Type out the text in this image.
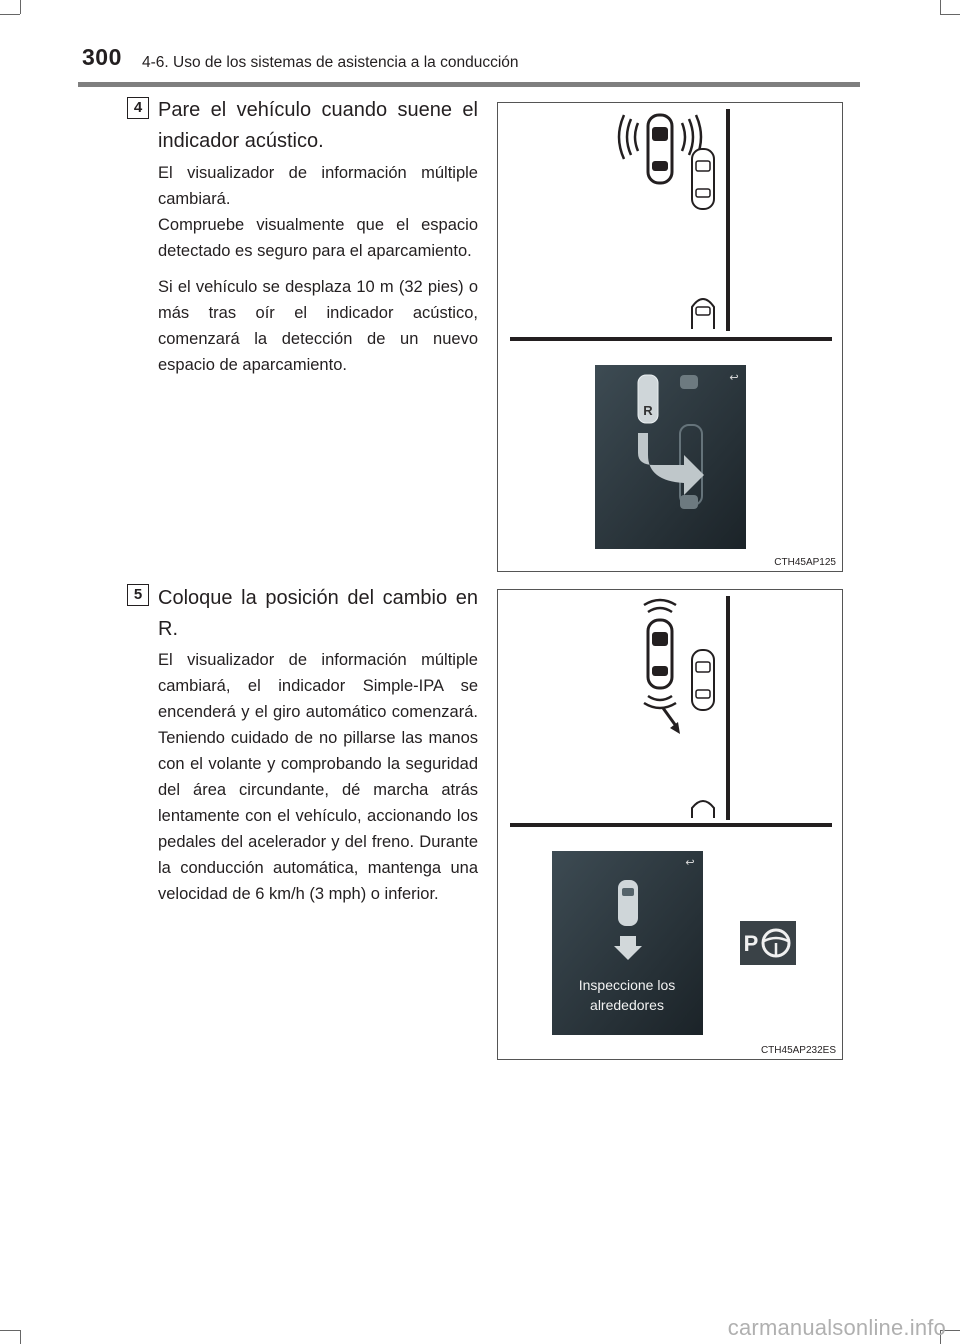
300 4-6. Uso de los sistemas de asistencia a la conducción
4 Pare el vehículo cuando suene el indicador acústico.

El visualizador de información múltiple cambiará.

Compruebe visualmente que el espacio detectado es seguro para el aparcamiento.

Si el vehículo se desplaza 10 m (32 pies) o más tras oír el indicador acústico, comenzará la detección de un nuevo espacio de aparcamiento.

↩
R
CTH45AP125
5 Coloque la posición del cambio en R.

El visualizador de información múltiple cambiará, el indicador Simple-IPA se encenderá y el giro automático comenzará. Teniendo cuidado de no pillarse las manos con el volante y comprobando la seguridad del área circundante, dé marcha atrás lentamente con el vehículo, accionando los pedales del acelerador y del freno. Durante la conducción automática, mantenga una velocidad de 6 km/h (3 mph) o inferior.

↩
Inspeccione los
alrededores
P
CTH45AP232ES
carmanualsonline.info
